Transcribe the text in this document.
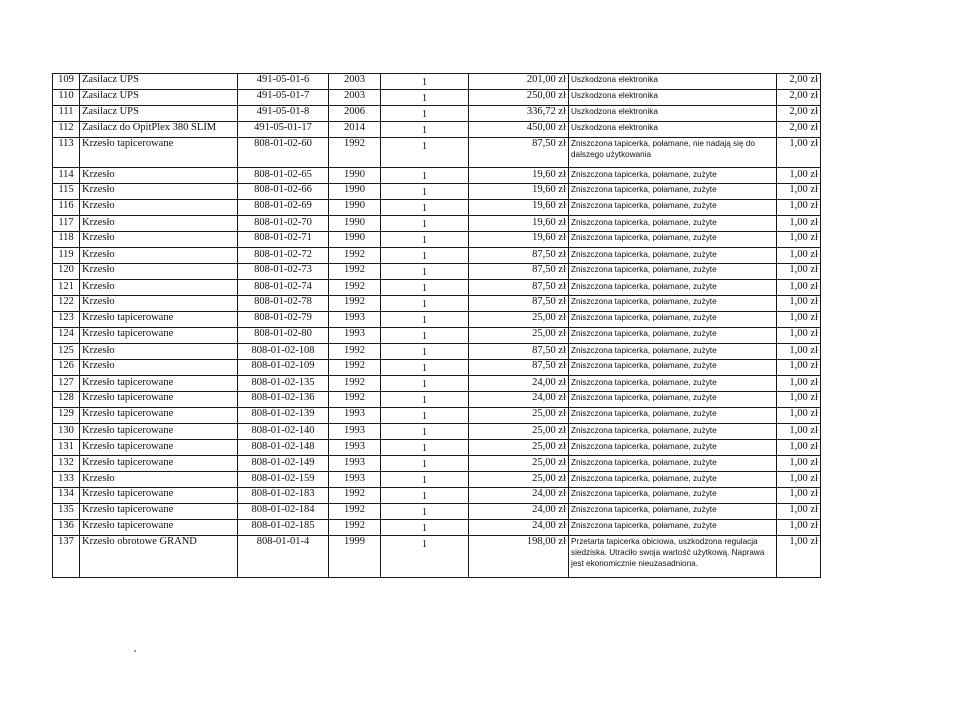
109	Zasilacz UPS	491-05-01-6	2003	1	201,00 zł	Uszkodzona elektronika	2,00 zł
110	Zasilacz UPS	491-05-01-7	2003	1	250,00 zł	Uszkodzona elektronika	2,00 zł
111	Zasilacz UPS	491-05-01-8	2006	1	336,72 zł	Uszkodzona elektronika	2,00 zł
112	Zasilacz do OpitPlex 380 SLIM	491-05-01-17	2014	1	450,00 zł	Uszkodzona elektronika	2,00 zł
113	Krzesło tapicerowane	808-01-02-60	1992	1	87,50 zł	Zniszczona tapicerka, połamane, nie nadają się do dalszego użytkowania	1,00 zł
114	Krzesło	808-01-02-65	1990	1	19,60 zł	Zniszczona tapicerka, połamane, zużyte	1,00 zł
115	Krzesło	808-01-02-66	1990	1	19,60 zł	Zniszczona tapicerka, połamane, zużyte	1,00 zł
116	Krzesło	808-01-02-69	1990	1	19,60 zł	Zniszczona tapicerka, połamane, zużyte	1,00 zł
117	Krzesło	808-01-02-70	1990	1	19,60 zł	Zniszczona tapicerka, połamane, zużyte	1,00 zł
118	Krzesło	808-01-02-71	1990	1	19,60 zł	Zniszczona tapicerka, połamane, zużyte	1,00 zł
119	Krzesło	808-01-02-72	1992	1	87,50 zł	Zniszczona tapicerka, połamane, zużyte	1,00 zł
120	Krzesło	808-01-02-73	1992	1	87,50 zł	Zniszczona tapicerka, połamane, zużyte	1,00 zł
121	Krzesło	808-01-02-74	1992	1	87,50 zł	Zniszczona tapicerka, połamane, zużyte	1,00 zł
122	Krzesło	808-01-02-78	1992	1	87,50 zł	Zniszczona tapicerka, połamane, zużyte	1,00 zł
123	Krzesło tapicerowane	808-01-02-79	1993	1	25,00 zł	Zniszczona tapicerka, połamane, zużyte	1,00 zł
124	Krzesło tapicerowane	808-01-02-80	1993	1	25,00 zł	Zniszczona tapicerka, połamane, zużyte	1,00 zł
125	Krzesło	808-01-02-108	1992	1	87,50 zł	Zniszczona tapicerka, połamane, zużyte	1,00 zł
126	Krzesło	808-01-02-109	1992	1	87,50 zł	Zniszczona tapicerka, połamane, zużyte	1,00 zł
127	Krzesło tapicerowane	808-01-02-135	1992	1	24,00 zł	Zniszczona tapicerka, połamane, zużyte	1,00 zł
128	Krzesło tapicerowane	808-01-02-136	1992	1	24,00 zł	Zniszczona tapicerka, połamane, zużyte	1,00 zł
129	Krzesło tapicerowane	808-01-02-139	1993	1	25,00 zł	Zniszczona tapicerka, połamane, zużyte	1,00 zł
130	Krzesło tapicerowane	808-01-02-140	1993	1	25,00 zł	Zniszczona tapicerka, połamane, zużyte	1,00 zł
131	Krzesło tapicerowane	808-01-02-148	1993	1	25,00 zł	Zniszczona tapicerka, połamane, zużyte	1,00 zł
132	Krzesło tapicerowane	808-01-02-149	1993	1	25,00 zł	Zniszczona tapicerka, połamane, zużyte	1,00 zł
133	Krzesło	808-01-02-159	1993	1	25,00 zł	Zniszczona tapicerka, połamane, zużyte	1,00 zł
134	Krzesło tapicerowane	808-01-02-183	1992	1	24,00 zł	Zniszczona tapicerka, połamane, zużyte	1,00 zł
135	Krzesło tapicerowane	808-01-02-184	1992	1	24,00 zł	Zniszczona tapicerka, połamane, zużyte	1,00 zł
136	Krzesło tapicerowane	808-01-02-185	1992	1	24,00 zł	Zniszczona tapicerka, połamane, zużyte	1,00 zł
137	Krzesło obrotowe GRAND	808-01-01-4	1999	1	198,00 zł	Przetarta tapicerka obiciowa, uszkodzona regulacja siedziska. Utraciło swoja wartość użytkową. Naprawa jest ekonomicznie nieuzasadniona.	1,00 zł
